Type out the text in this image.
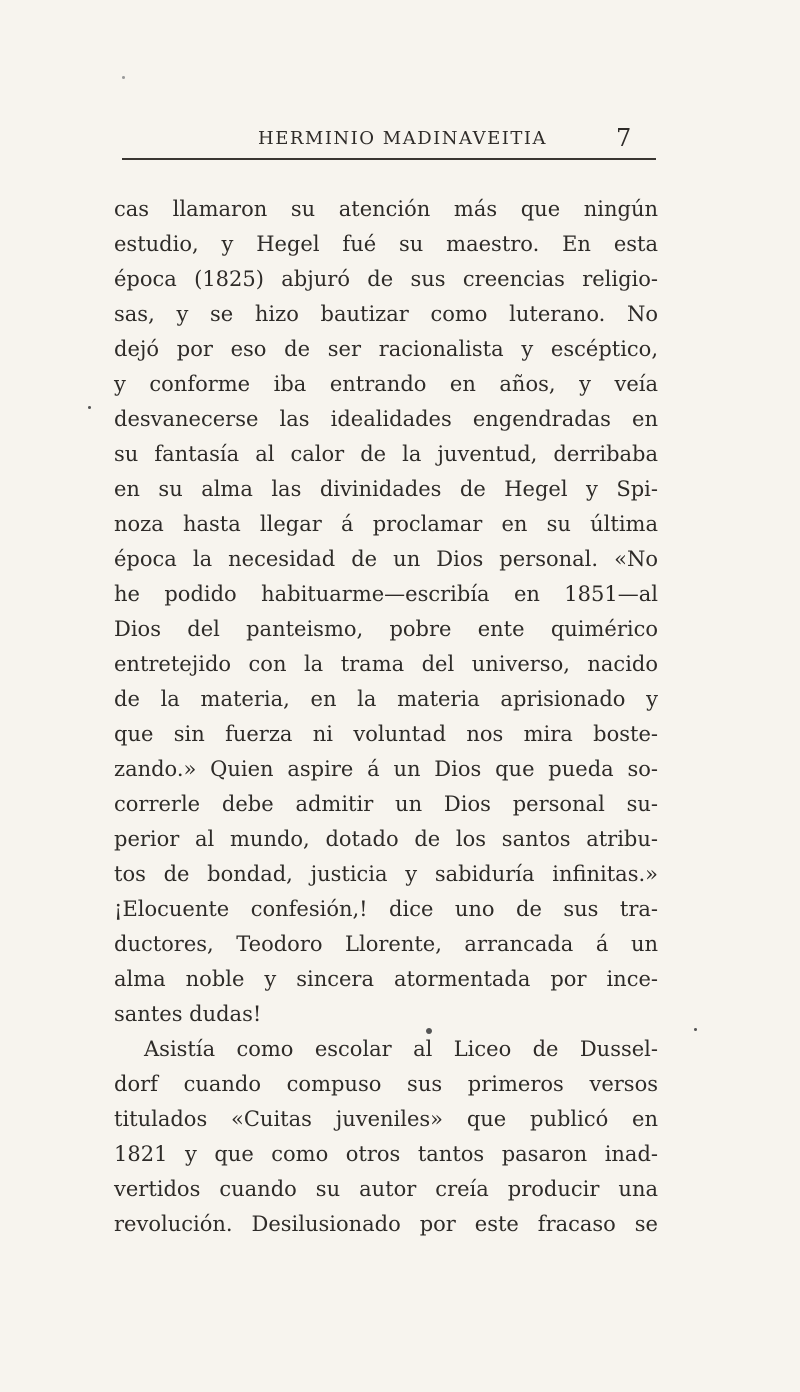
HERMINIO MADINAVEITIA	7
cas llamaron su atención más que ningún
estudio, y Hegel fué su maestro. En esta
época (1825) abjuró de sus creencias religio-
sas, y se hizo bautizar como luterano. No
dejó por eso de ser racionalista y escéptico,
y conforme iba entrando en años, y veía
desvanecerse las idealidades engendradas en
su fantasía al calor de la juventud, derribaba
en su alma las divinidades de Hegel y Spi-
noza hasta llegar á proclamar en su última
época la necesidad de un Dios personal. «No
he podido habituarme—escribía en 1851—al
Dios del panteismo, pobre ente quimérico
entretejido con la trama del universo, nacido
de la materia, en la materia aprisionado y
que sin fuerza ni voluntad nos mira boste-
zando.» Quien aspire á un Dios que pueda so-
correrle debe admitir un Dios personal su-
perior al mundo, dotado de los santos atribu-
tos de bondad, justicia y sabiduría infinitas.»
¡Elocuente confesión,! dice uno de sus tra-
ductores, Teodoro Llorente, arrancada á un
alma noble y sincera atormentada por ince-
santes dudas!
Asistía como escolar al Liceo de Dussel-
dorf cuando compuso sus primeros versos
titulados «Cuitas juveniles» que publicó en
1821 y que como otros tantos pasaron inad-
vertidos cuando su autor creía producir una
revolución. Desilusionado por este fracaso se
